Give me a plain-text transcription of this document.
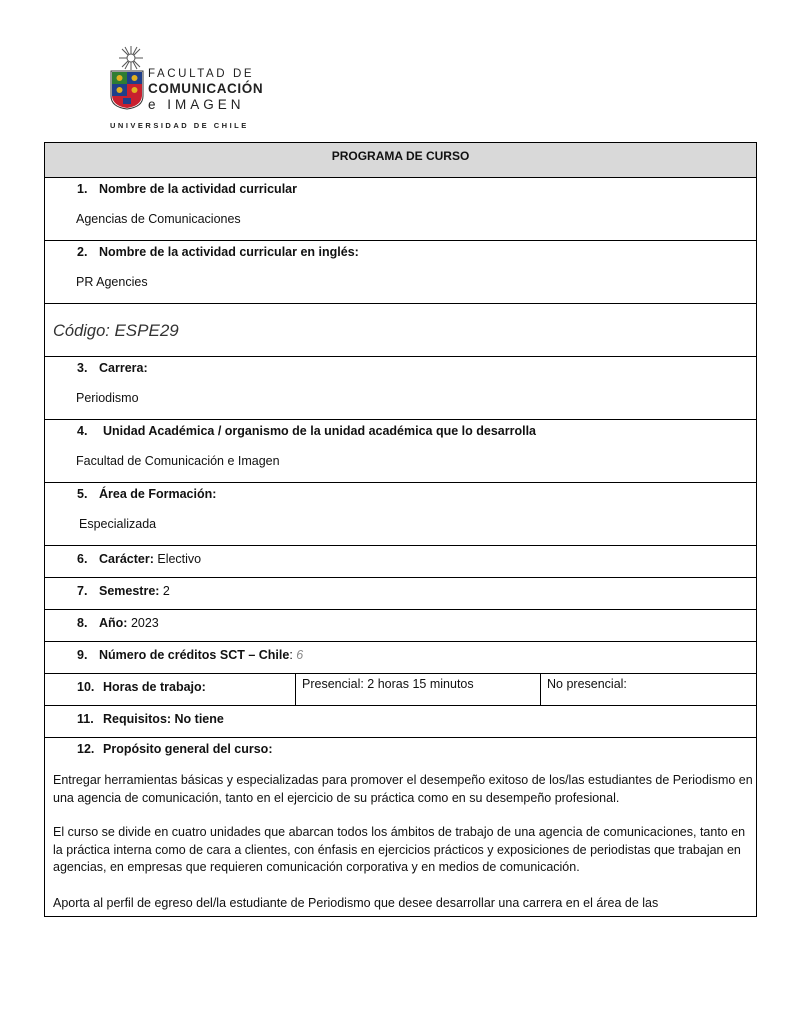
FACULTAD DE
COMUNICACIÓN
e IMAGEN
UNIVERSIDAD DE CHILE
PROGRAMA DE CURSO
1. Nombre de la actividad curricular
Agencias de Comunicaciones
2. Nombre de la actividad curricular en inglés:
PR Agencies
Código: ESPE29
3. Carrera:
Periodismo
4. Unidad Académica / organismo de la unidad académica que lo desarrolla
Facultad de Comunicación e Imagen
5. Área de Formación:
Especializada
6. Carácter: Electivo
7. Semestre: 2
8. Año: 2023
9. Número de créditos SCT – Chile: 6
10. Horas de trabajo:	Presencial: 2 horas 15 minutos	No presencial:
11. Requisitos: No tiene
12. Propósito general del curso:
Entregar herramientas básicas y especializadas para promover el desempeño exitoso de los/las estudiantes de Periodismo en una agencia de comunicación, tanto en el ejercicio de su práctica como en su desempeño profesional.
El curso se divide en cuatro unidades que abarcan todos los ámbitos de trabajo de una agencia de comunicaciones, tanto en la práctica interna como de cara a clientes, con énfasis en ejercicios prácticos y exposiciones de periodistas que trabajan en agencias, en empresas que requieren comunicación corporativa y en medios de comunicación.
Aporta al perfil de egreso del/la estudiante de Periodismo que desee desarrollar una carrera en el área de las
